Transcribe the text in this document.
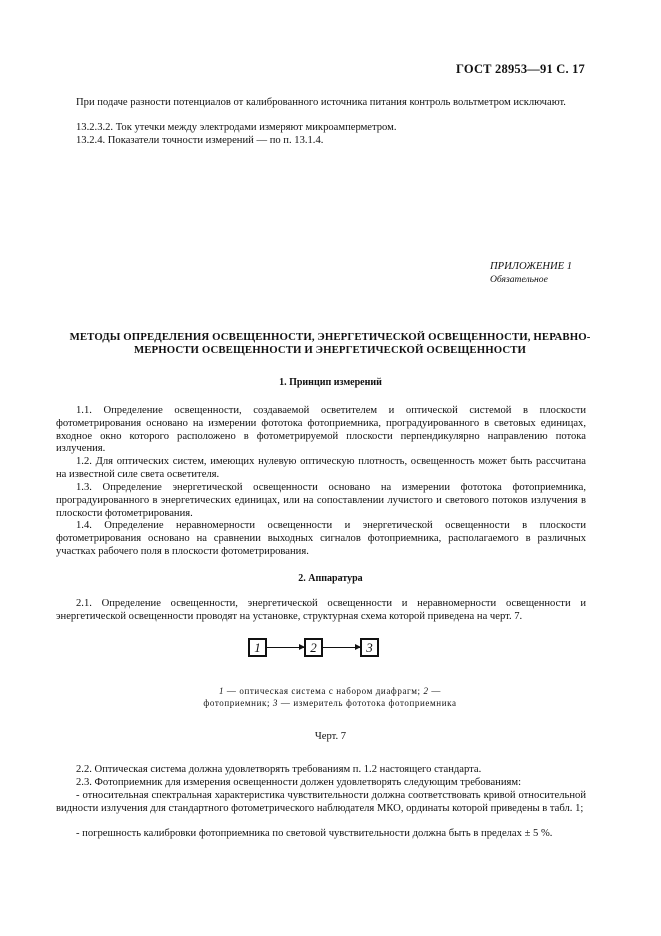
ГОСТ 28953—91 С. 17
При подаче разности потенциалов от калиброванного источника питания контроль вольтметром исключают.
13.2.3.2. Ток утечки между электродами измеряют микроамперметром.
13.2.4. Показатели точности измерений — по п. 13.1.4.
ПРИЛОЖЕНИЕ 1
Обязательное
МЕТОДЫ ОПРЕДЕЛЕНИЯ ОСВЕЩЕННОСТИ, ЭНЕРГЕТИЧЕСКОЙ ОСВЕЩЕННОСТИ, НЕРАВНО-
МЕРНОСТИ ОСВЕЩЕННОСТИ И ЭНЕРГЕТИЧЕСКОЙ ОСВЕЩЕННОСТИ
1. Принцип измерений
1.1. Определение освещенности, создаваемой осветителем и оптической системой в плоскости фотометрирования основано на измерении фототока фотоприемника, проградуированного в световых единицах, входное окно которого расположено в фотометрируемой плоскости перпендикулярно направлению потока излучения.
1.2. Для оптических систем, имеющих нулевую оптическую плотность, освещенность может быть рассчитана на известной силе света осветителя.
1.3. Определение энергетической освещенности основано на измерении фототока фотоприемника, проградуированного в энергетических единицах, или на сопоставлении лучистого и светового потоков излучения в плоскости фотометрирования.
1.4. Определение неравномерности освещенности и энергетической освещенности в плоскости фотометрирования основано на сравнении выходных сигналов фотоприемника, располагаемого в различных участках рабочего поля в плоскости фотометрирования.
2. Аппаратура
2.1. Определение освещенности, энергетической освещенности и неравномерности освещенности и энергетической освещенности проводят на установке, структурная схема которой приведена на черт. 7.
1	2	3
1 — оптическая система с набором диафрагм; 2 — фотоприемник; 3 — измеритель фототока фотоприемника
Черт. 7
2.2. Оптическая система должна удовлетворять требованиям п. 1.2 настоящего стандарта.
2.3. Фотоприемник для измерения освещенности должен удовлетворять следующим требованиям:
- относительная спектральная характеристика чувствительности должна соответствовать кривой относительной видности излучения для стандартного фотометрического наблюдателя МКО, ординаты которой приведены в табл. 1;
- погрешность калибровки фотоприемника по световой чувствительности должна быть в пределах ± 5 %.
